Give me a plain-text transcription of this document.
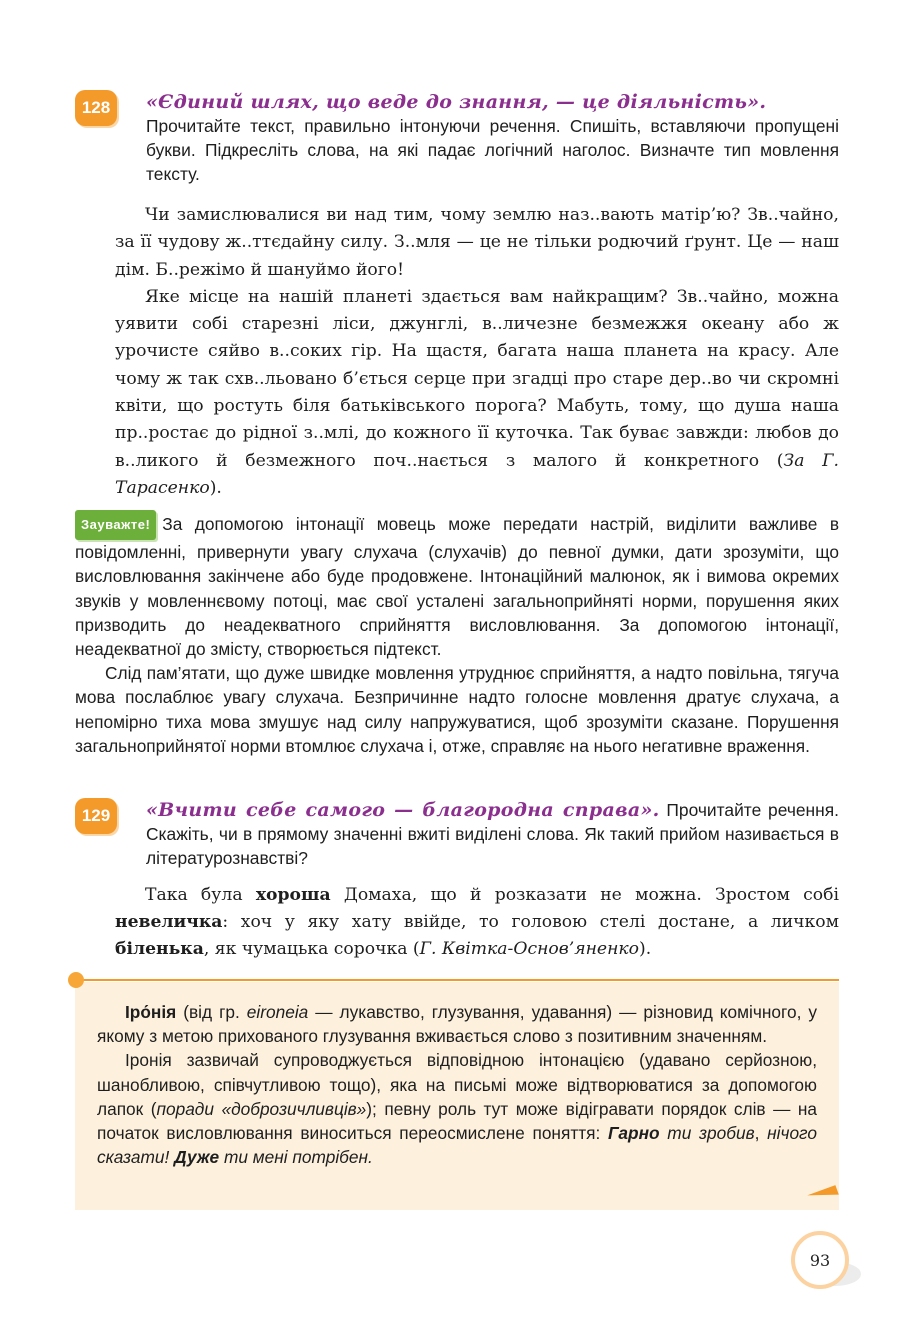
128	«Єдиний шлях, що веде до знання, — це діяльність».
Прочитайте текст, правильно інтонуючи речення. Спишіть, вставляючи пропущені букви. Підкресліть слова, на які падає логічний наголос. Визначте тип мовлення тексту.

Чи замислювалися ви над тим, чому землю наз..вають матір’ю? Зв..чайно, за її чудову ж..ттєдайну силу. З..мля — це не тільки родючий ґрунт. Це — наш дім. Б..режімо й шануймо його!

Яке місце на нашій планеті здається вам найкращим? Зв..чайно, можна уявити собі старезні ліси, джунглі, в..личезне безмежжя океану або ж урочисте сяйво в..соких гір. На щастя, багата наша планета на красу. Але чому ж так схв..льовано б’ється серце при згадці про старе дер..во чи скромні квіти, що ростуть біля батьківського порога? Мабуть, тому, що душа наша пр..ростає до рідної з..млі, до кожного її куточка. Так буває завжди: любов до в..ликого й безмежного поч..нається з малого й конкретного (За Г. Тарасенко).

Зауважте! За допомогою інтонації мовець може передати настрій, виділити важливе в повідомленні, привернути увагу слухача (слухачів) до певної думки, дати зрозуміти, що висловлювання закінчене або буде продовжене. Інтонаційний малюнок, як і вимова окремих звуків у мовленнєвому потоці, має свої усталені загальноприйняті норми, порушення яких призводить до неадекватного сприйняття висловлювання. За допомогою інтонації, неадекватної до змісту, створюється підтекст.

Слід пам’ятати, що дуже швидке мовлення утруднює сприйняття, а надто повільна, тягуча мова послаблює увагу слухача. Безпричинне надто голосне мовлення дратує слухача, а непомірно тиха мова змушує над силу напружуватися, щоб зрозуміти сказане. Порушення загальноприйнятої норми втомлює слухача і, отже, справляє на нього негативне враження.

129	«Вчити себе самого — благородна справа». Прочитайте речення. Скажіть, чи в прямому значенні вжиті виділені слова. Як такий прийом називається в літературознавстві?

Така була хороша Домаха, що й розказати не можна. Зростом собі невеличка: хоч у яку хату ввійде, то головою стелі достане, а личком біленька, як чумацька сорочка (Г. Квітка-Основ’яненко).

Іро́нія (від гр. eironeia — лукавство, глузування, удавання) — різновид комічного, у якому з метою прихованого глузування вживається слово з позитивним значенням.

Іронія зазвичай супроводжується відповідною інтонацією (удавано серйозною, шанобливою, співчутливою тощо), яка на письмі може відтворюватися за допомогою лапок (поради «доброзичливців»); певну роль тут може відігравати порядок слів — на початок висловлювання виноситься переосмислене поняття: Гарно ти зробив, нічого сказати! Дуже ти мені потрібен.

93
